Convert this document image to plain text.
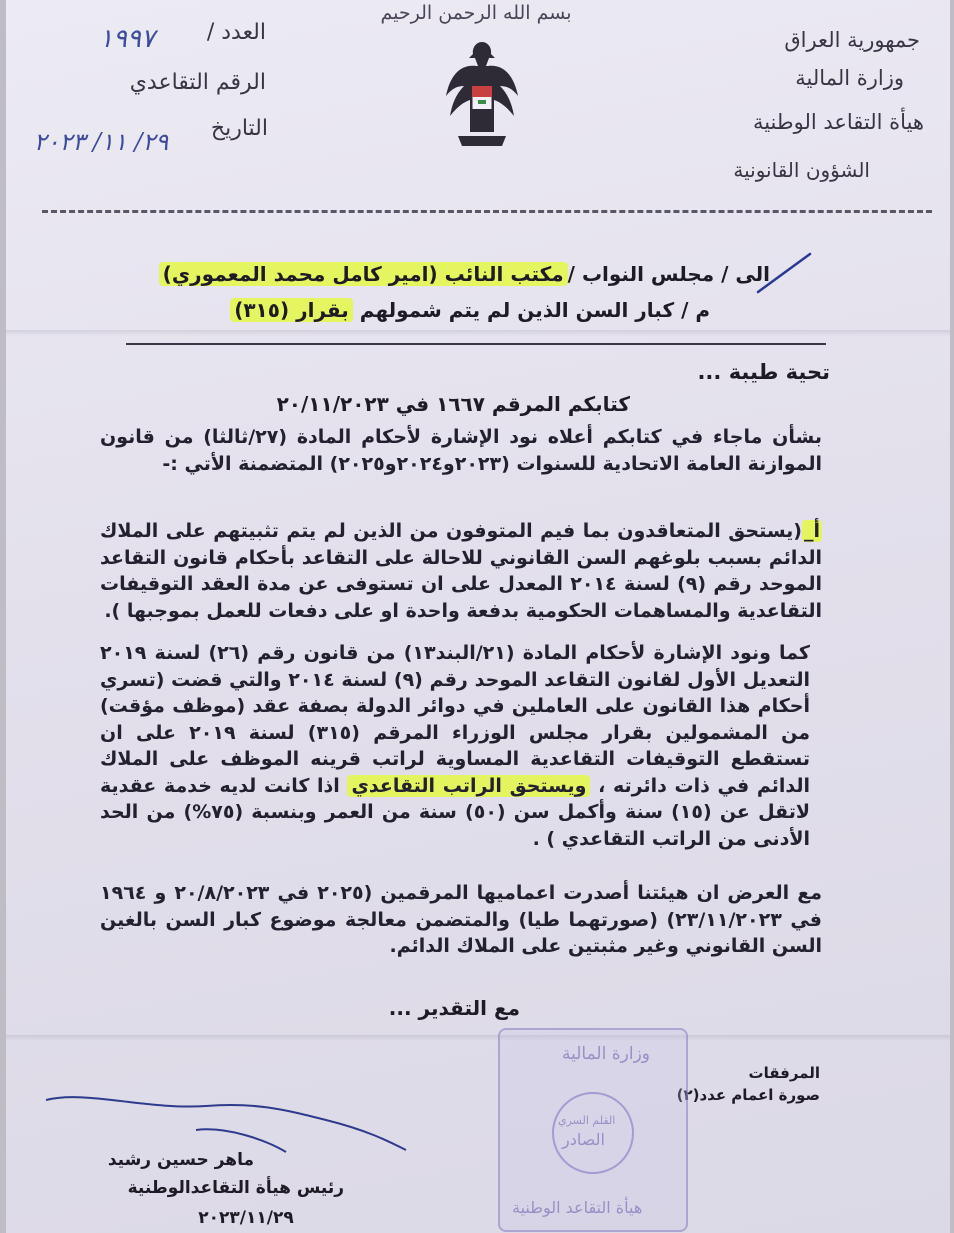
بسم الله الرحمن الرحيم
جمهورية العراق
وزارة المالية
هيأة التقاعد الوطنية
الشؤون القانونية
العدد /
١٩٩٧
الرقم التقاعدي
التاريخ
٢٩/ ١١/ ٢٠٢٣
الى / مجلس النواب /مكتب النائب (امير كامل محمد المعموري)
م / كبار السن الذين لم يتم شمولهم بقرار (٣١٥)
تحية طيبة ...
كتابكم المرقم ١٦٦٧ في ٢٠/١١/٢٠٢٣
بشأن ماجاء في كتابكم أعلاه نود الإشارة لأحكام المادة (٢٧/ثالثا) من قانون الموازنة العامة الاتحادية للسنوات (٢٠٢٣و٢٠٢٤و٢٠٢٥) المتضمنة الأتي :-
أ_(يستحق المتعاقدون بما فيم المتوفون من الذين لم يتم تثبيتهم على الملاك الدائم بسبب بلوغهم السن القانوني للاحالة على التقاعد بأحكام قانون التقاعد الموحد رقم (٩) لسنة ٢٠١٤ المعدل على ان تستوفى عن مدة العقد التوقيفات التقاعدية والمساهمات الحكومية بدفعة واحدة او على دفعات للعمل بموجبها ).
كما ونود الإشارة لأحكام المادة (٢١/البند١٣) من قانون رقم (٢٦) لسنة ٢٠١٩ التعديل الأول لقانون التقاعد الموحد رقم (٩) لسنة ٢٠١٤ والتي قضت (تسري أحكام هذا القانون على العاملين في دوائر الدولة بصفة عقد (موظف مؤقت) من المشمولين بقرار مجلس الوزراء المرقم (٣١٥) لسنة ٢٠١٩ على ان تستقطع التوقيفات التقاعدية المساوية لراتب قرينه الموظف على الملاك الدائم في ذات دائرته ، ويستحق الراتب التقاعدي اذا كانت لديه خدمة عقدية لاتقل عن (١٥) سنة وأكمل سن (٥٠) سنة من العمر وبنسبة (٧٥%) من الحد الأدنى من الراتب التقاعدي ) .
مع العرض ان هيئتنا أصدرت اعماميها المرقمين (٢٠٢٥ في ٢٠/٨/٢٠٢٣ و ١٩٦٤ في ٢٣/١١/٢٠٢٣) (صورتهما طيا) والمتضمن معالجة موضوع كبار السن بالغين السن القانوني وغير مثبتين على الملاك الدائم.
مع التقدير ...
المرفقات
صورة اعمام عدد(٢)
وزارة المالية
القلم السري
الصادر
هيأة التقاعد الوطنية
ماهر حسين رشيد
رئيس هيأة التقاعدالوطنية
٢٠٢٣/١١/٢٩
